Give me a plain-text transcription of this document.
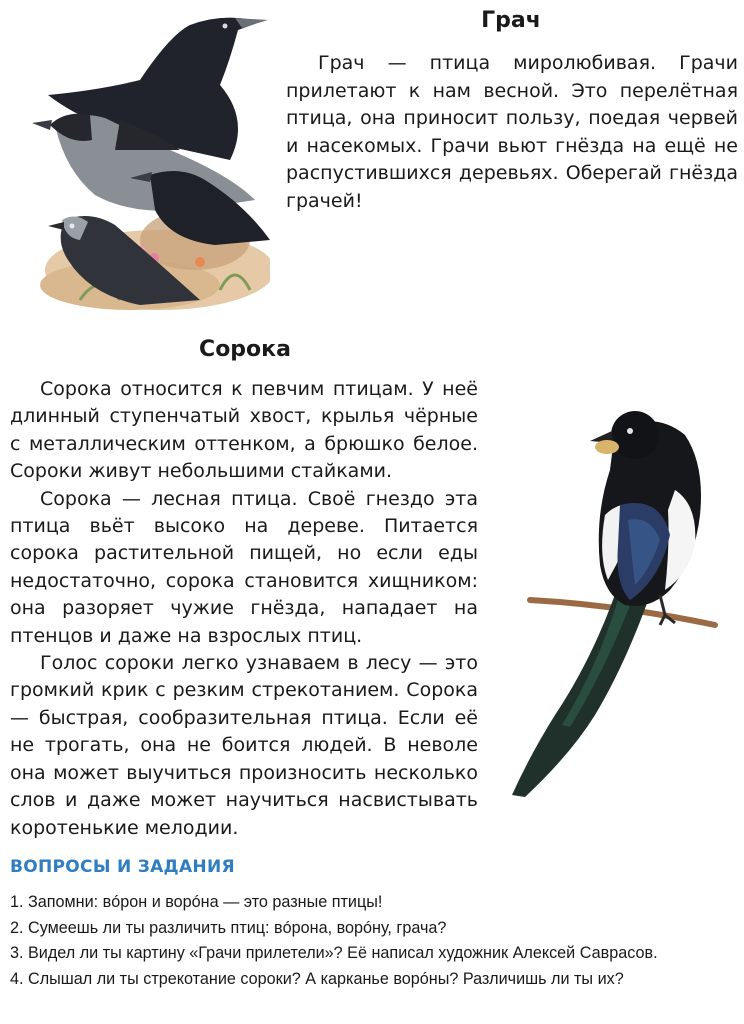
Грач

Грач — птица миролюбивая. Грачи прилетают к нам весной. Это перелётная птица, она приносит пользу, поедая червей и насекомых. Грачи вьют гнёзда на ещё не распустившихся деревьях. Оберегай гнёзда грачей!

Сорока

Сорока относится к певчим птицам. У неё длинный ступенчатый хвост, крылья чёрные с металлическим оттенком, а брюшко белое. Сороки живут небольшими стайками.

Сорока — лесная птица. Своё гнездо эта птица вьёт высоко на дереве. Питается сорока растительной пищей, но если еды недостаточно, сорока становится хищником: она разоряет чужие гнёзда, нападает на птенцов и даже на взрослых птиц.

Голос сороки легко узнаваем в лесу — это громкий крик с резким стрекотанием. Сорока — быстрая, сообразительная птица. Если её не трогать, она не боится людей. В неволе она может выучиться произносить несколько слов и даже может научиться насвистывать коротенькие мелодии.

ВОПРОСЫ И ЗАДАНИЯ

1. Запомни: вóрон и ворóна — это разные птицы!

2. Сумеешь ли ты различить птиц: вóрона, ворóну, грача?

3. Видел ли ты картину «Грачи прилетели»? Её написал художник Алексей Саврасов.

4. Слышал ли ты стрекотание сороки? А карканье ворóны? Различишь ли ты их?
